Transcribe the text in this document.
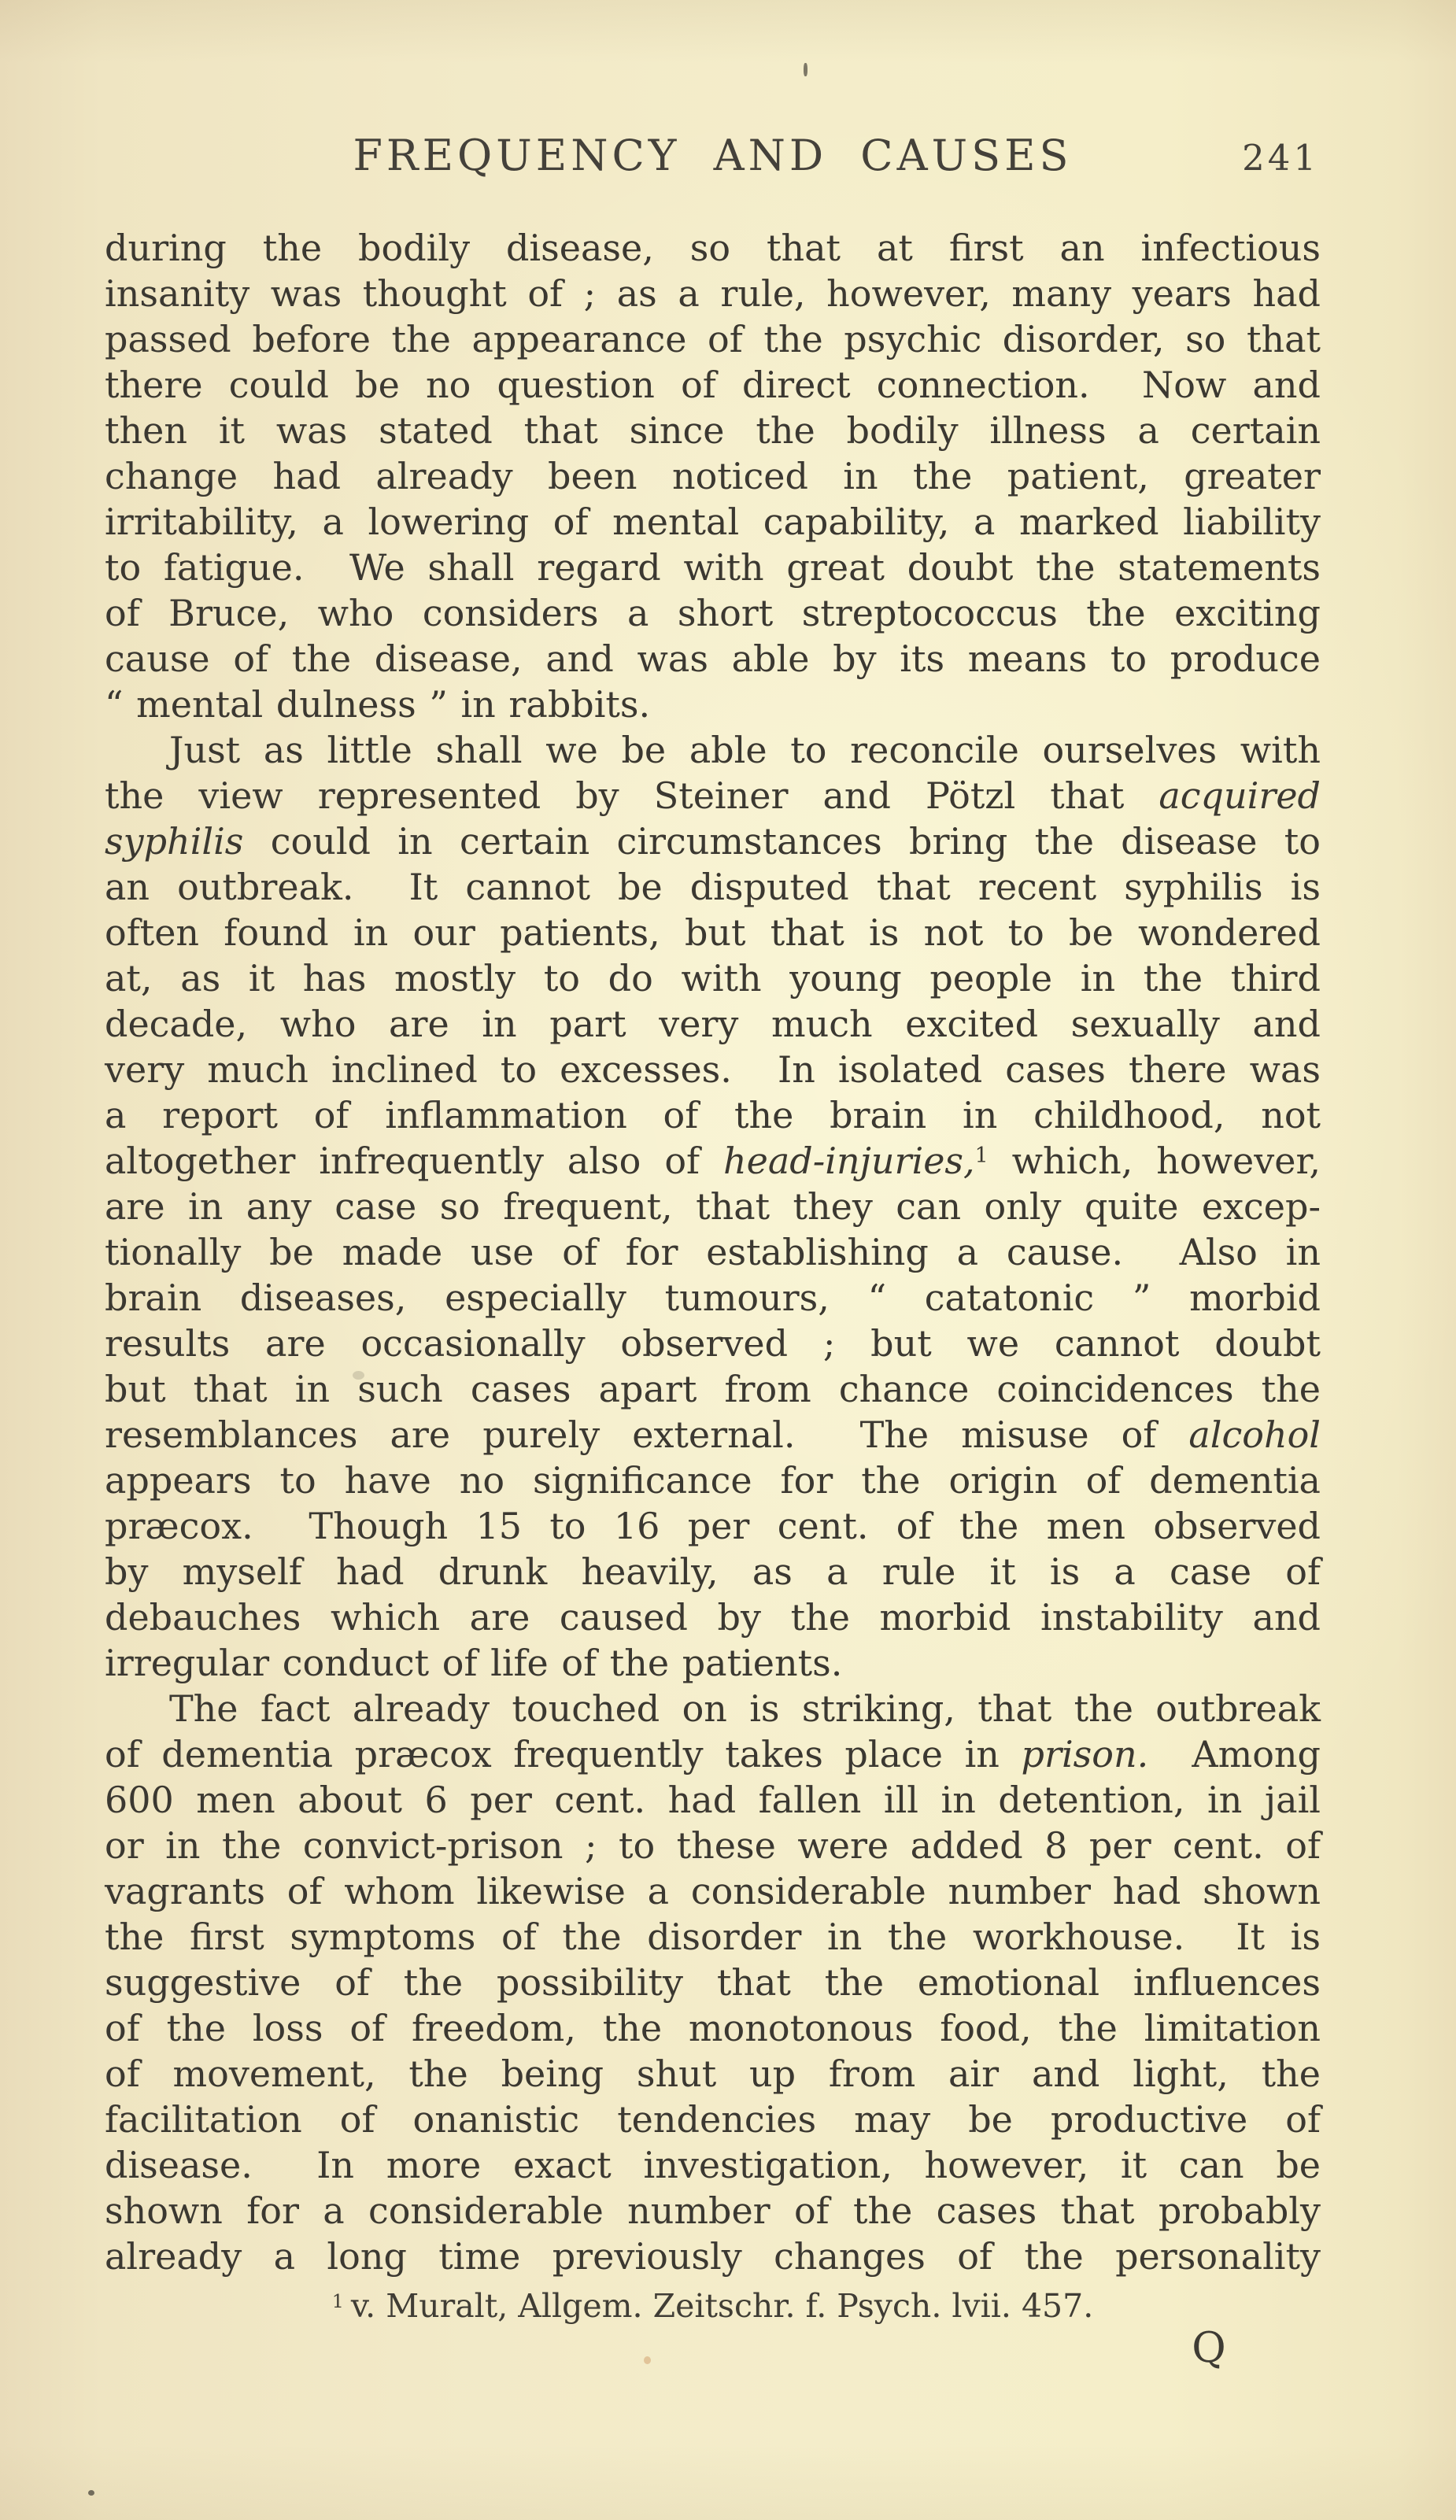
FREQUENCY AND CAUSES	241
during the bodily disease, so that at first an infectious
insanity was thought of ; as a rule, however, many years had
passed before the appearance of the psychic disorder, so that
there could be no question of direct connection.  Now and
then it was stated that since the bodily illness a certain
change had already been noticed in the patient, greater
irritability, a lowering of mental capability, a marked liability
to fatigue.  We shall regard with great doubt the statements
of Bruce, who considers a short streptococcus the exciting
cause of the disease, and was able by its means to produce
“ mental dulness ” in rabbits.
Just as little shall we be able to reconcile ourselves with
the view represented by Steiner and Pötzl that acquired
syphilis could in certain circumstances bring the disease to
an outbreak.  It cannot be disputed that recent syphilis is
often found in our patients, but that is not to be wondered
at, as it has mostly to do with young people in the third
decade, who are in part very much excited sexually and
very much inclined to excesses.  In isolated cases there was
a report of inflammation of the brain in childhood, not
altogether infrequently also of head-injuries,$^1$ which, however,
are in any case so frequent, that they can only quite excep-
tionally be made use of for establishing a cause.  Also in
brain diseases, especially tumours, “ catatonic ” morbid
results are occasionally observed ; but we cannot doubt
but that in such cases apart from chance coincidences the
resemblances are purely external.  The misuse of alcohol
appears to have no significance for the origin of dementia
præcox.  Though 15 to 16 per cent. of the men observed
by myself had drunk heavily, as a rule it is a case of
debauches which are caused by the morbid instability and
irregular conduct of life of the patients.
The fact already touched on is striking, that the outbreak
of dementia præcox frequently takes place in prison.  Among
600 men about 6 per cent. had fallen ill in detention, in jail
or in the convict-prison ; to these were added 8 per cent. of
vagrants of whom likewise a considerable number had shown
the first symptoms of the disorder in the workhouse.  It is
suggestive of the possibility that the emotional influences
of the loss of freedom, the monotonous food, the limitation
of movement, the being shut up from air and light, the
facilitation of onanistic tendencies may be productive of
disease.  In more exact investigation, however, it can be
shown for a considerable number of the cases that probably
already a long time previously changes of the personality
$^1$ v. Muralt, Allgem. Zeitschr. f. Psych. lvii. 457.
Q
